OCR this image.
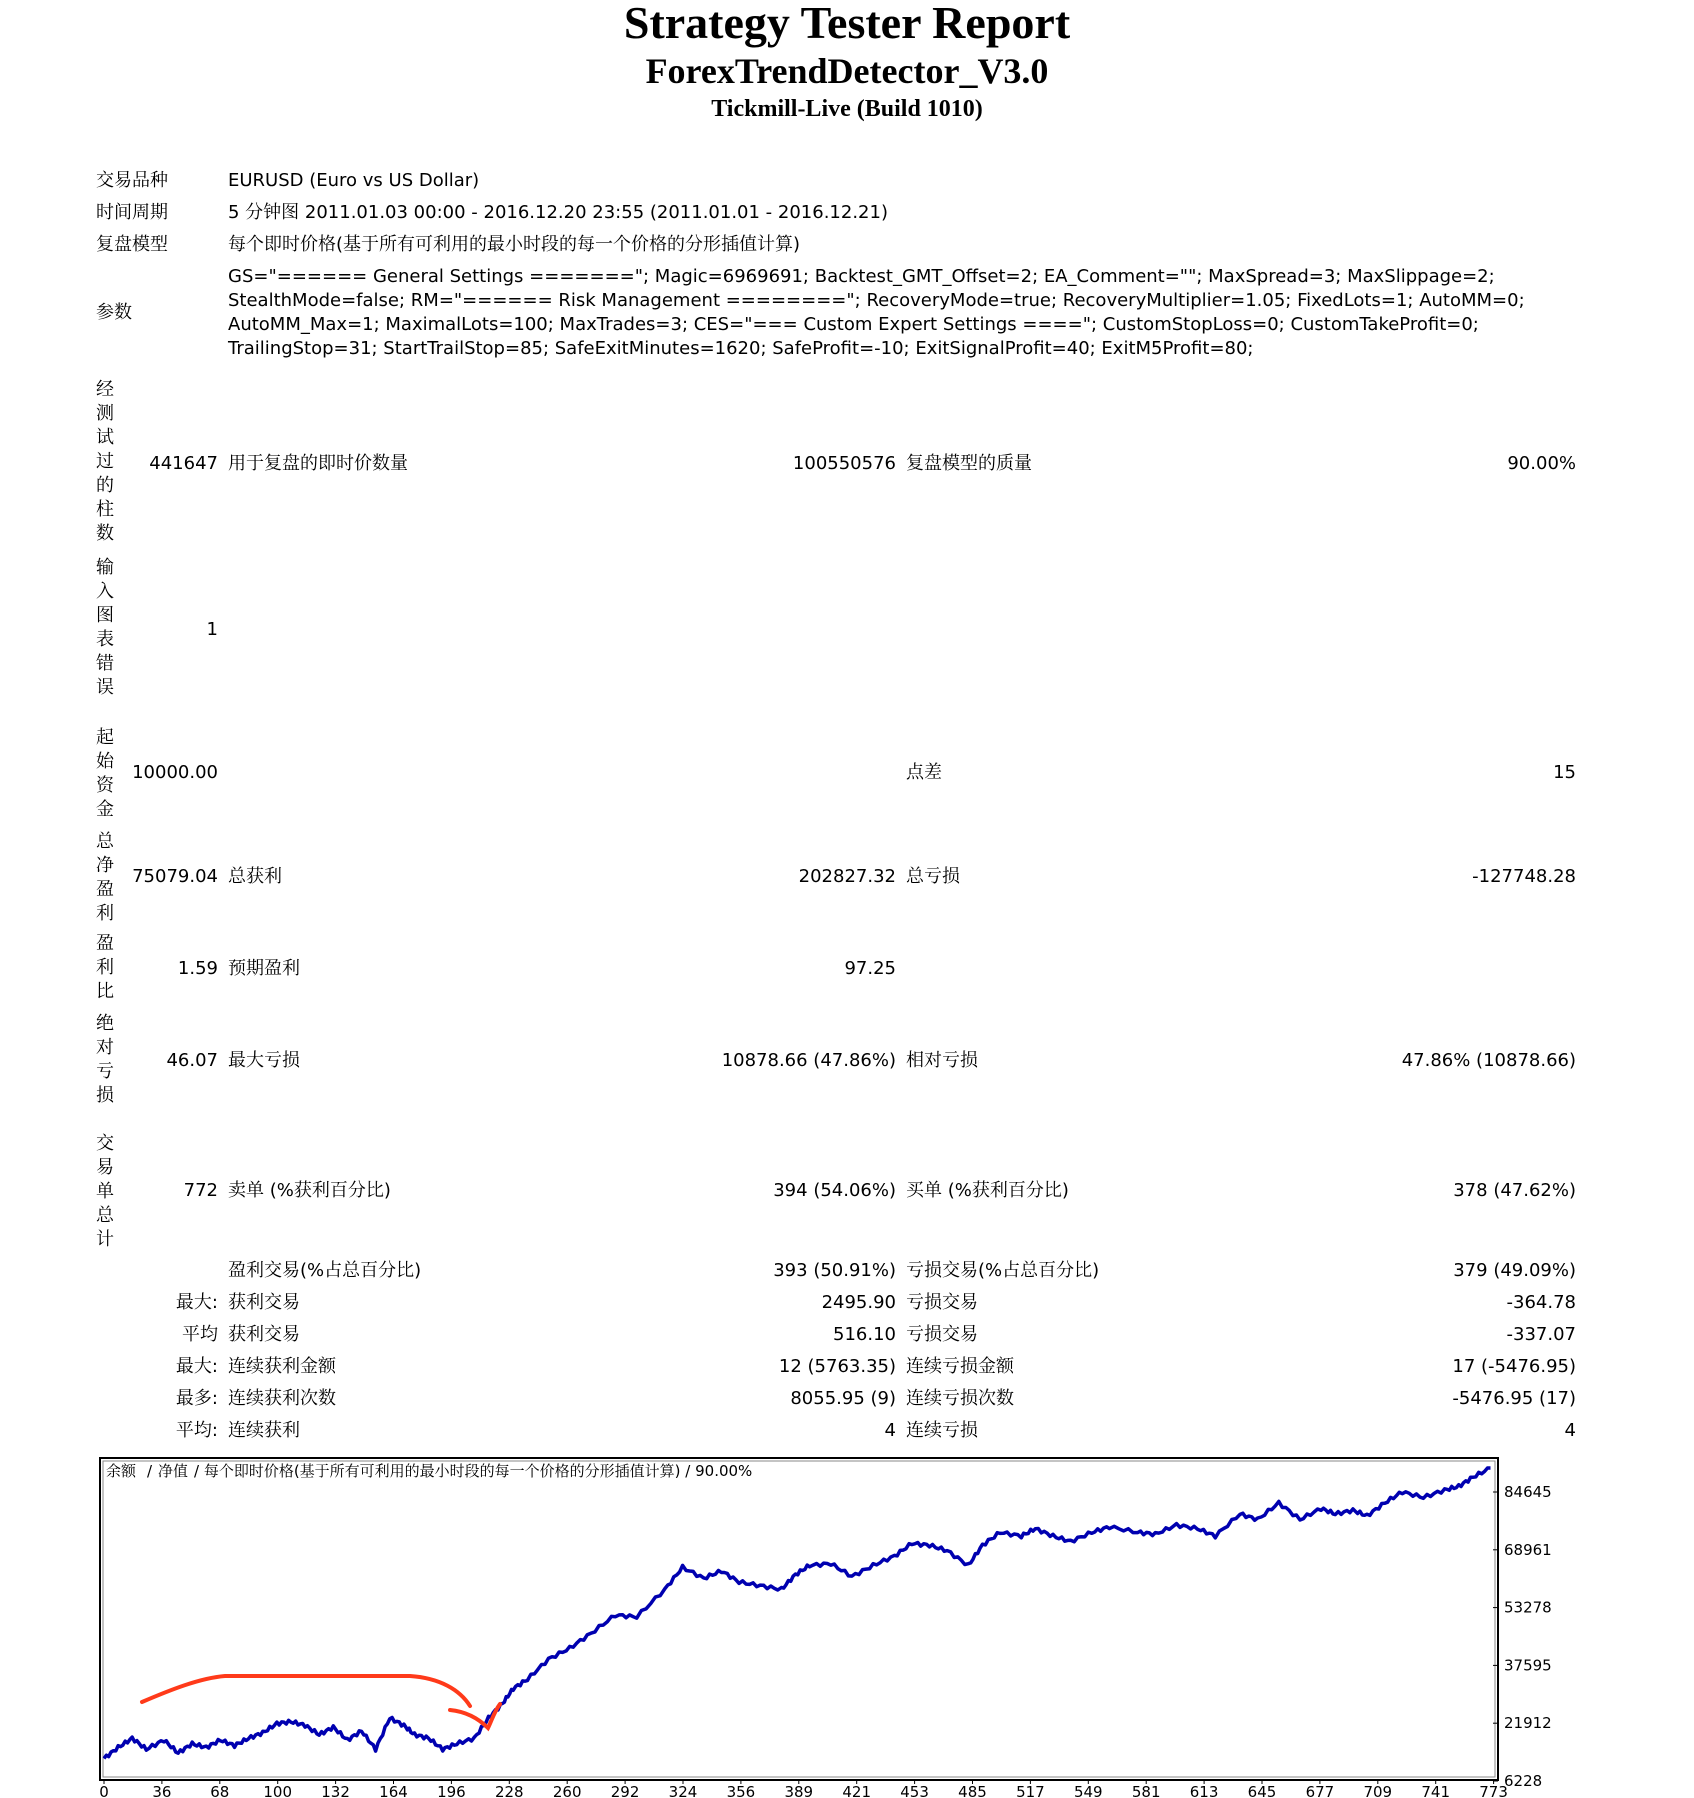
Strategy Tester Report
ForexTrendDetector_V3.0
Tickmill-Live (Build 1010)
交易品种	EURUSD (Euro vs US Dollar)
时间周期	5 分钟图 2011.01.03 00:00 - 2016.12.20 23:55 (2011.01.01 - 2016.12.21)
复盘模型	每个即时价格(基于所有可利用的最小时段的每一个价格的分形插值计算)
参数
GS="====== General Settings ======="; Magic=6969691; Backtest_GMT_Offset=2; EA_Comment=""; MaxSpread=3; MaxSlippage=2;
StealthMode=false; RM="====== Risk Management ========"; RecoveryMode=true; RecoveryMultiplier=1.05; FixedLots=1; AutoMM=0;
AutoMM_Max=1; MaximalLots=100; MaxTrades=3; CES="=== Custom Expert Settings ===="; CustomStopLoss=0; CustomTakeProfit=0;
TrailingStop=31; StartTrailStop=85; SafeExitMinutes=1620; SafeProfit=-10; ExitSignalProfit=40; ExitM5Profit=80;
经测试过的柱数
441647 用于复盘的即时价数量	100550576 复盘模型的质量	90.00%
输入图表错误
1
起始资金
10000.00	点差	15
总净盈利
75079.04 总获利	202827.32 总亏损	-127748.28
盈利比
1.59 预期盈利	97.25
绝对亏损
46.07 最大亏损	10878.66 (47.86%) 相对亏损	47.86% (10878.66)
交易单总计
772 卖单 (%获利百分比)	394 (54.06%) 买单 (%获利百分比)	378 (47.62%)
盈利交易(%占总百分比)	393 (50.91%) 亏损交易(%占总百分比)	379 (49.09%)
最大: 获利交易	2495.90 亏损交易	-364.78
平均 获利交易	516.10 亏损交易	-337.07
最大: 连续获利金额	12 (5763.35) 连续亏损金额	17 (-5476.95)
最多: 连续获利次数	8055.95 (9) 连续亏损次数	-5476.95 (17)
平均: 连续获利	4 连续亏损	4
0	36	68 100 132 164 196 228 260 292 324 356 389 421 453 485 517 549 581 613 645 677 709 741 773
84645
68961
53278
37595
21912
6228
余额 / 净值 / 每个即时价格(基于所有可利用的最小时段的每一个价格的分形插值计算) / 90.00%
